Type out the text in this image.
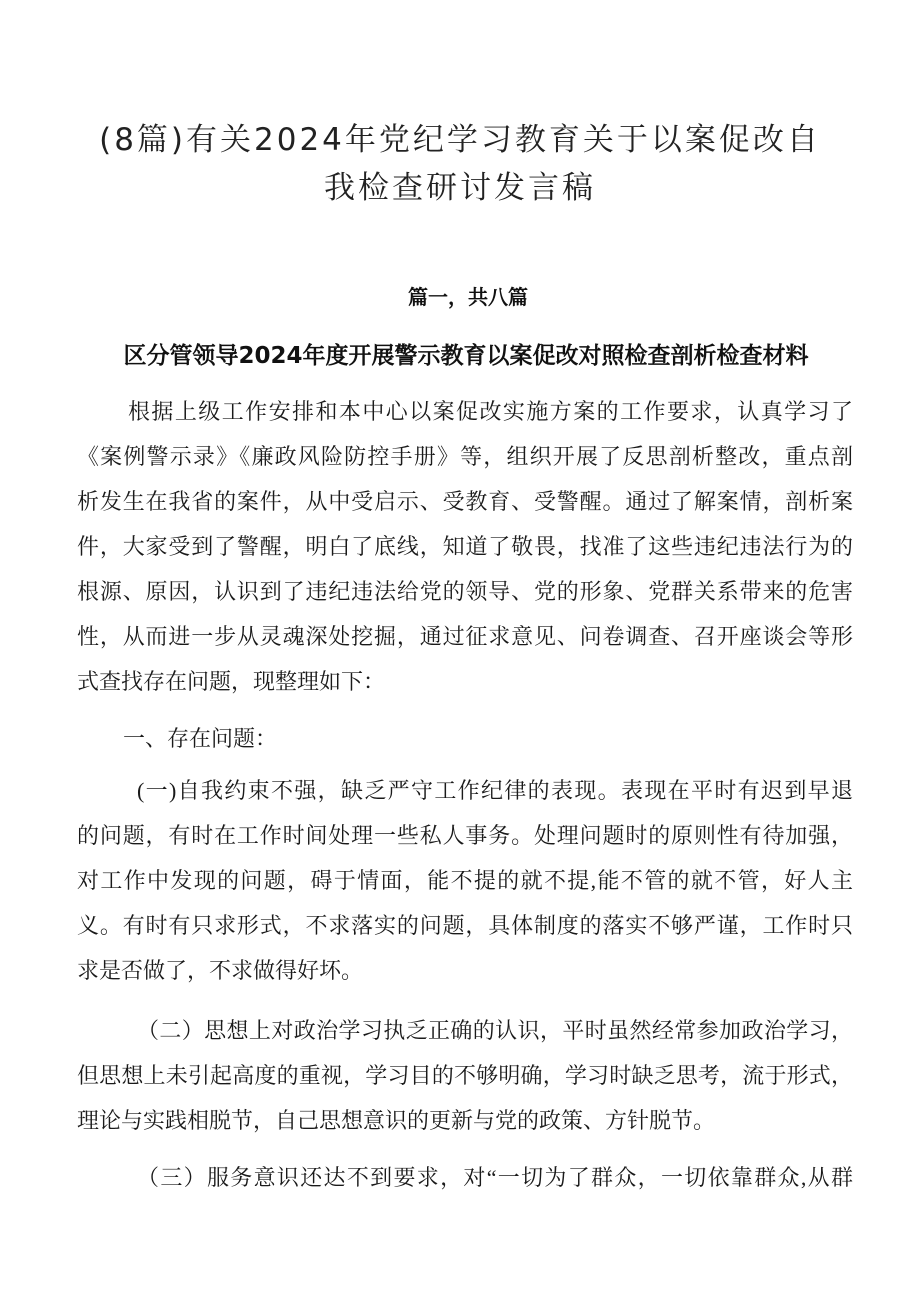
(8篇)有关2024年党纪学习教育关于以案促改自
我检查研讨发言稿
篇一，共八篇
区分管领导2024年度开展警示教育以案促改对照检查剖析检查材料
根据上级工作安排和本中心以案促改实施方案的工作要求，认真学习了
《案例警示录》《廉政风险防控手册》等，组织开展了反思剖析整改，重点剖
析发生在我省的案件，从中受启示、受教育、受警醒。通过了解案情，剖析案
件，大家受到了警醒，明白了底线，知道了敬畏，找准了这些违纪违法行为的
根源、原因，认识到了违纪违法给党的领导、党的形象、党群关系带来的危害
性，从而进一步从灵魂深处挖掘，通过征求意见、问卷调查、召开座谈会等形
式查找存在问题，现整理如下：
一、存在问题：
(一)自我约束不强，缺乏严守工作纪律的表现。表现在平时有迟到早退
的问题，有时在工作时间处理一些私人事务。处理问题时的原则性有待加强，
对工作中发现的问题，碍于情面，能不提的就不提,能不管的就不管，好人主
义。有时有只求形式，不求落实的问题，具体制度的落实不够严谨，工作时只
求是否做了，不求做得好坏。
（二）思想上对政治学习执乏正确的认识，平时虽然经常参加政治学习，
但思想上未引起高度的重视，学习目的不够明确，学习时缺乏思考，流于形式，
理论与实践相脱节，自己思想意识的更新与党的政策、方针脱节。
（三）服务意识还达不到要求，对“一切为了群众，一切依靠群众,从群
